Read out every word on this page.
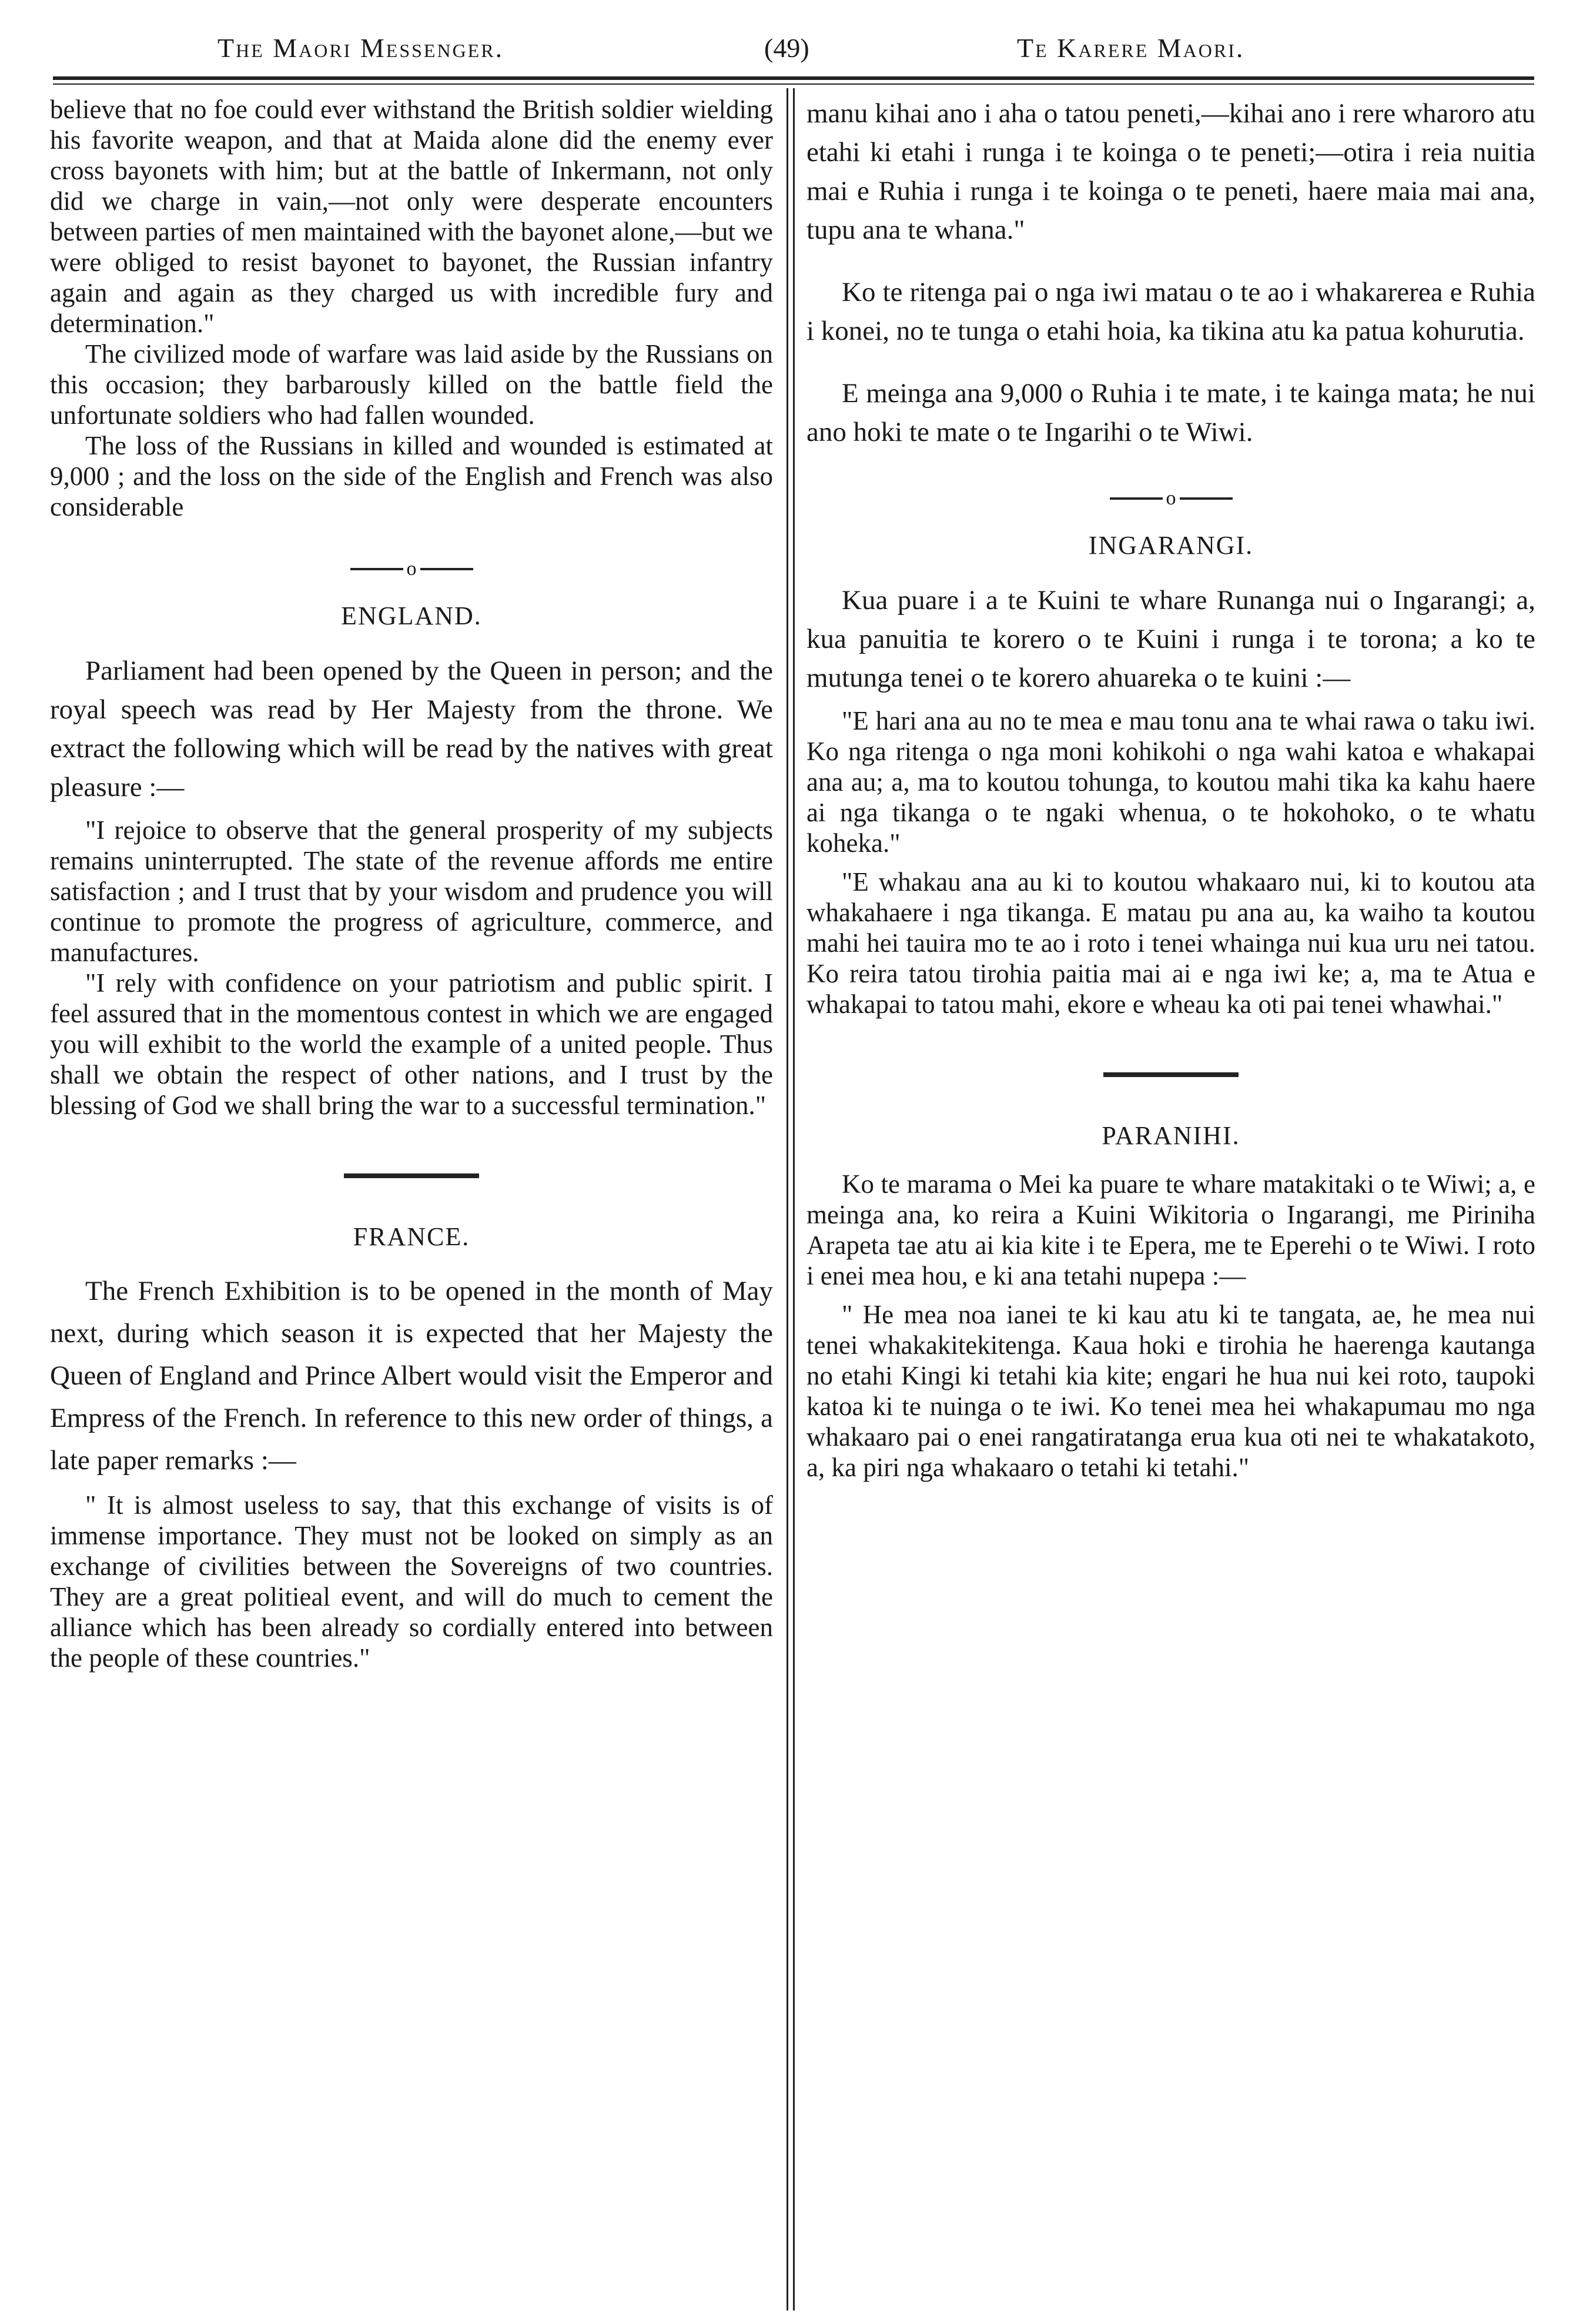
The Maori Messenger.	(49)	Te Karere Maori.

believe that no foe could ever withstand the British soldier wielding his favorite weapon, and that at Maida alone did the enemy ever cross bayonets with him; but at the battle of Inkermann, not only did we charge in vain,—not only were desperate encounters between parties of men maintained with the bayonet alone,—but we were obliged to resist bayonet to bayonet, the Russian infantry again and again as they charged us with incredible fury and determination."

The civilized mode of warfare was laid aside by the Russians on this occasion; they barbarously killed on the battle field the unfortunate soldiers who had fallen wounded.

The loss of the Russians in killed and wounded is estimated at 9,000 ; and the loss on the side of the English and French was also considerable

o
ENGLAND.

Parliament had been opened by the Queen in person; and the royal speech was read by Her Majesty from the throne. We extract the following which will be read by the natives with great pleasure :—

"I rejoice to observe that the general prosperity of my subjects remains uninterrupted. The state of the revenue affords me entire satisfaction ; and I trust that by your wisdom and prudence you will continue to promote the progress of agriculture, commerce, and manufactures.

"I rely with confidence on your patriotism and public spirit. I feel assured that in the momentous contest in which we are engaged you will exhibit to the world the example of a united people. Thus shall we obtain the respect of other nations, and I trust by the blessing of God we shall bring the war to a successful termination."

FRANCE.

The French Exhibition is to be opened in the month of May next, during which season it is expected that her Majesty the Queen of England and Prince Albert would visit the Emperor and Empress of the French. In reference to this new order of things, a late paper remarks :—

" It is almost useless to say, that this exchange of visits is of immense importance. They must not be looked on simply as an exchange of civilities between the Sovereigns of two countries. They are a great politieal event, and will do much to cement the alliance which has been already so cordially entered into between the people of these countries."

manu kihai ano i aha o tatou peneti,—kihai ano i rere wharoro atu etahi ki etahi i runga i te koinga o te peneti;—otira i reia nuitia mai e Ruhia i runga i te koinga o te peneti, haere maia mai ana, tupu ana te whana."

Ko te ritenga pai o nga iwi matau o te ao i whakarerea e Ruhia i konei, no te tunga o etahi hoia, ka tikina atu ka patua kohurutia.

E meinga ana 9,000 o Ruhia i te mate, i te kainga mata; he nui ano hoki te mate o te Ingarihi o te Wiwi.

o
INGARANGI.

Kua puare i a te Kuini te whare Runanga nui o Ingarangi; a, kua panuitia te korero o te Kuini i runga i te torona; a ko te mutunga tenei o te korero ahuareka o te kuini :—

"E hari ana au no te mea e mau tonu ana te whai rawa o taku iwi. Ko nga ritenga o nga moni kohikohi o nga wahi katoa e whakapai ana au; a, ma to koutou tohunga, to koutou mahi tika ka kahu haere ai nga tikanga o te ngaki whenua, o te hokohoko, o te whatu koheka."

"E whakau ana au ki to koutou whakaaro nui, ki to koutou ata whakahaere i nga tikanga. E matau pu ana au, ka waiho ta koutou mahi hei tauira mo te ao i roto i tenei whainga nui kua uru nei tatou. Ko reira tatou tirohia paitia mai ai e nga iwi ke; a, ma te Atua e whakapai to tatou mahi, ekore e wheau ka oti pai tenei whawhai."

PARANIHI.

Ko te marama o Mei ka puare te whare matakitaki o te Wiwi; a, e meinga ana, ko reira a Kuini Wikitoria o Ingarangi, me Piriniha Arapeta tae atu ai kia kite i te Epera, me te Eperehi o te Wiwi. I roto i enei mea hou, e ki ana tetahi nupepa :—

" He mea noa ianei te ki kau atu ki te tangata, ae, he mea nui tenei whakakitekitenga. Kaua hoki e tirohia he haerenga kautanga no etahi Kingi ki tetahi kia kite; engari he hua nui kei roto, taupoki katoa ki te nuinga o te iwi. Ko tenei mea hei whakapumau mo nga whakaaro pai o enei rangatiratanga erua kua oti nei te whakatakoto, a, ka piri nga whakaaro o tetahi ki tetahi."
